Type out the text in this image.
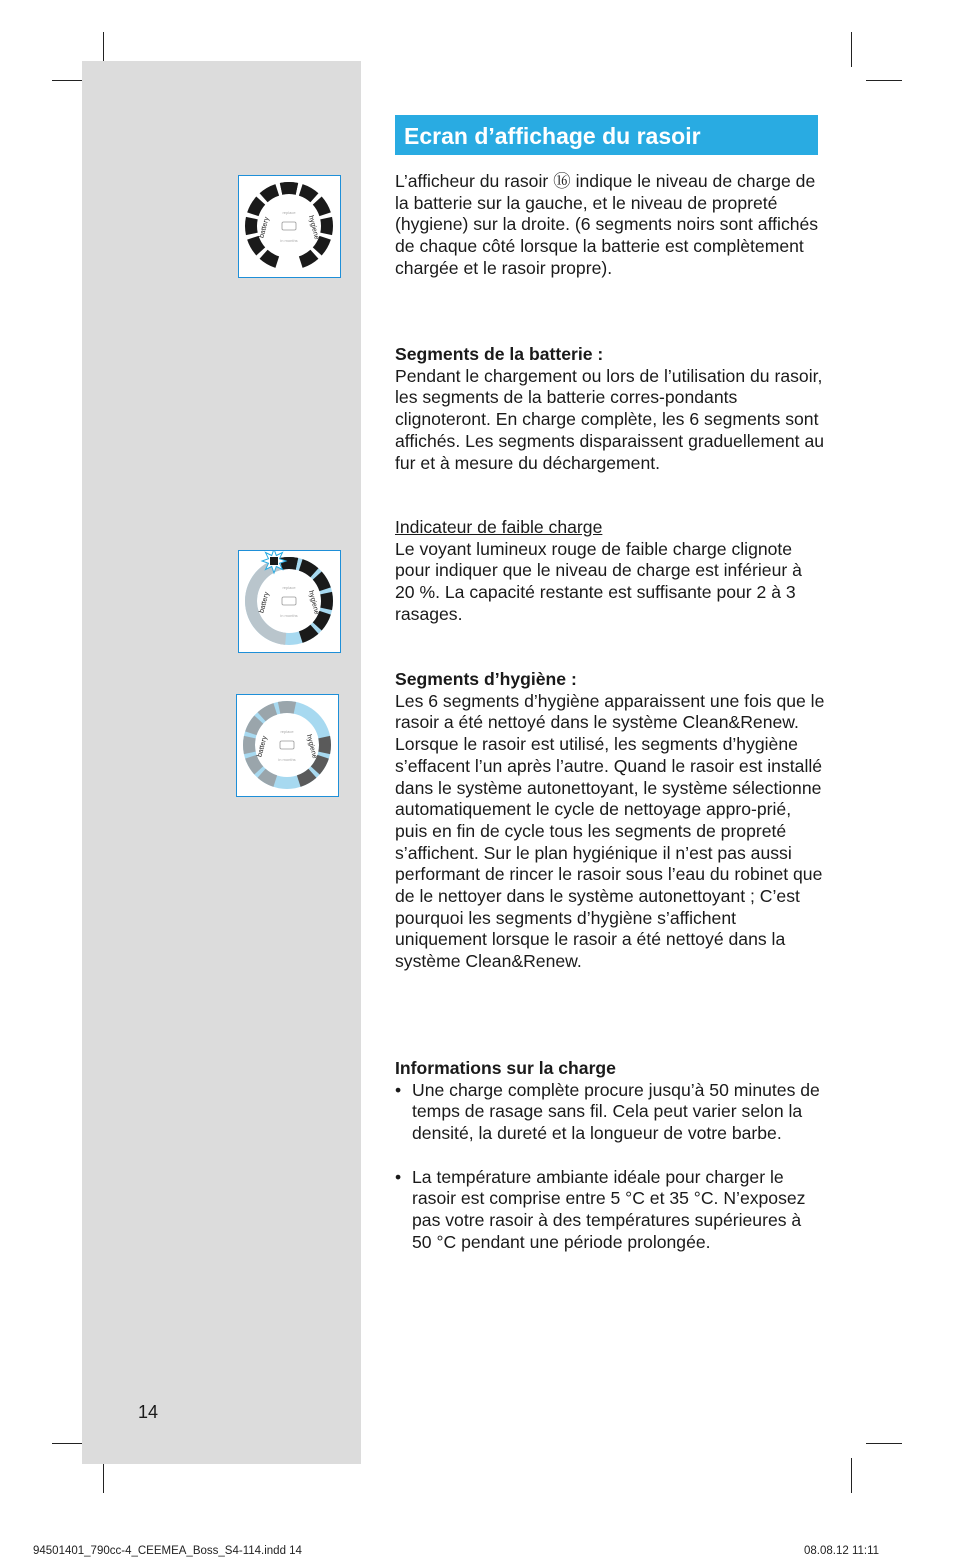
14
replace
in months
battery	hygiene
replace
in months
battery	hygiene
replace
in months
battery	hygiene
Ecran d’affichage du rasoir

L’afficheur du rasoir ⑯ indique le niveau de charge de la batterie sur la gauche, et le niveau de propreté (hygiene) sur la droite. (6 segments noirs sont affichés de chaque côté lorsque la batterie est complètement chargée et le rasoir propre).

Segments de la batterie :

Pendant le chargement ou lors de l’utilisation du rasoir, les segments de la batterie corres-pondants clignoteront. En charge complète, les 6 segments sont affichés. Les segments disparaissent graduellement au fur et à mesure du déchargement.

Indicateur de faible charge

Le voyant lumineux rouge de faible charge clignote pour indiquer que le niveau de charge est inférieur à 20 %. La capacité restante est suffisante pour 2 à 3 rasages.

Segments d’hygiène :

Les 6 segments d’hygiène apparaissent une fois que le rasoir a été nettoyé dans le système Clean&Renew. Lorsque le rasoir est utilisé, les segments d’hygiène s’effacent l’un après l’autre. Quand le rasoir est installé dans le système autonettoyant, le système sélectionne automatiquement le cycle de nettoyage appro-prié, puis en fin de cycle tous les segments de propreté s’affichent. Sur le plan hygiénique il n’est pas aussi performant de rincer le rasoir sous l’eau du robinet que de le nettoyer dans le système autonettoyant ; C’est pourquoi les segments d’hygiène s’affichent uniquement lorsque le rasoir a été nettoyé dans la système Clean&Renew.

Informations sur la charge

• Une charge complète procure jusqu’à 50 minutes de temps de rasage sans fil. Cela peut varier selon la densité, la dureté et la longueur de votre barbe.
• La température ambiante idéale pour charger le rasoir est comprise entre 5 °C et 35 °C. N’exposez pas votre rasoir à des températures supérieures à 50 °C pendant une période prolongée.
94501401_790cc-4_CEEMEA_Boss_S4-114.indd 14	08.08.12 11:11
